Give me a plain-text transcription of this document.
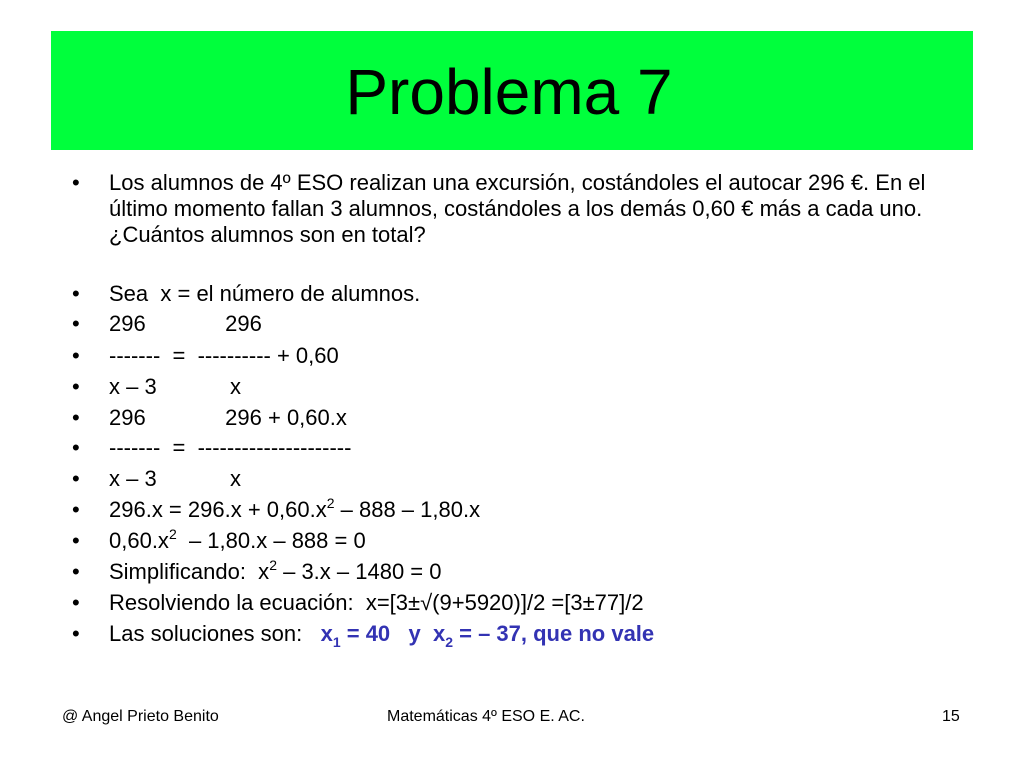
Problema 7
• Los alumnos de 4º ESO realizan una excursión, costándoles el autocar 296 €. En el último momento fallan 3 alumnos, costándoles a los demás 0,60 € más a cada uno. ¿Cuántos alumnos son en total?
• Sea  x = el número de alumnos.
• 296             296
• -------  =  ---------- + 0,60
• x – 3            x
• 296             296 + 0,60.x
• -------  =  ---------------------
• x – 3            x
• $296.x = 296.x + 0,60.x^2 - 888 - 1,80.x$
• $0,60.x^2 - 1,80.x - 888 = 0$
• Simplificando:  $x^2 - 3.x - 1480 = 0$
• Resolviendo la ecuación:  x=[3±√(9+5920)]/2 =[3±77]/2
• Las soluciones son:   $x_1 = 40$   y  $x_2$ = – 37, que no vale
@ Angel Prieto Benito	Matemáticas 4º ESO E. AC.	15
